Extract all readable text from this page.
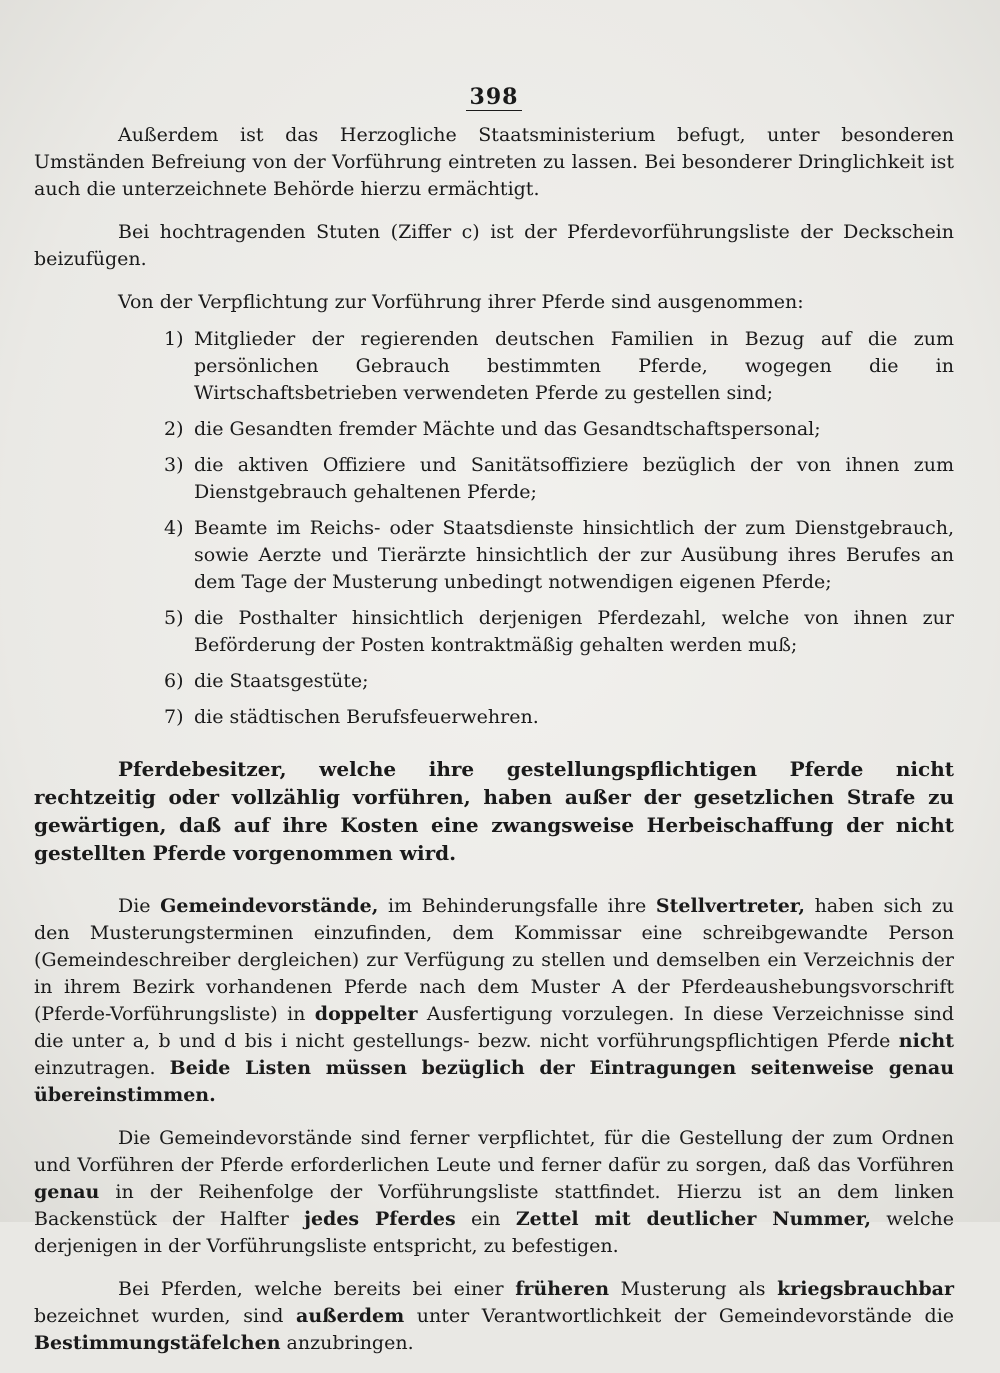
398

Außerdem ist das Herzogliche Staatsministerium befugt, unter besonderen Umständen Befreiung von der Vorführung eintreten zu lassen. Bei besonderer Dringlichkeit ist auch die unterzeichnete Behörde hierzu ermächtigt.

Bei hochtragenden Stuten (Ziffer c) ist der Pferdevorführungsliste der Deckschein beizufügen.

Von der Verpflichtung zur Vorführung ihrer Pferde sind ausgenommen:

1) Mitglieder der regierenden deutschen Familien in Bezug auf die zum persönlichen Gebrauch bestimmten Pferde, wogegen die in Wirtschaftsbetrieben verwendeten Pferde zu gestellen sind;
2) die Gesandten fremder Mächte und das Gesandtschaftspersonal;
3) die aktiven Offiziere und Sanitätsoffiziere bezüglich der von ihnen zum Dienstgebrauch gehaltenen Pferde;
4) Beamte im Reichs- oder Staatsdienste hinsichtlich der zum Dienstgebrauch, sowie Aerzte und Tierärzte hinsichtlich der zur Ausübung ihres Berufes an dem Tage der Musterung unbedingt notwendigen eigenen Pferde;
5) die Posthalter hinsichtlich derjenigen Pferdezahl, welche von ihnen zur Beförderung der Posten kontraktmäßig gehalten werden muß;
6) die Staatsgestüte;
7) die städtischen Berufsfeuerwehren.

Pferdebesitzer, welche ihre gestellungspflichtigen Pferde nicht rechtzeitig oder vollzählig vorführen, haben außer der gesetzlichen Strafe zu gewärtigen, daß auf ihre Kosten eine zwangsweise Herbeischaffung der nicht gestellten Pferde vorgenommen wird.

Die Gemeindevorstände, im Behinderungsfalle ihre Stellvertreter, haben sich zu den Musterungsterminen einzufinden, dem Kommissar eine schreibgewandte Person (Gemeindeschreiber dergleichen) zur Verfügung zu stellen und demselben ein Verzeichnis der in ihrem Bezirk vorhandenen Pferde nach dem Muster A der Pferdeaushebungsvorschrift (Pferde-Vorführungsliste) in doppelter Ausfertigung vorzulegen. In diese Verzeichnisse sind die unter a, b und d bis i nicht gestellungs- bezw. nicht vorführungspflichtigen Pferde nicht einzutragen. Beide Listen müssen bezüglich der Eintragungen seitenweise genau übereinstimmen.

Die Gemeindevorstände sind ferner verpflichtet, für die Gestellung der zum Ordnen und Vorführen der Pferde erforderlichen Leute und ferner dafür zu sorgen, daß das Vorführen genau in der Reihenfolge der Vorführungsliste stattfindet. Hierzu ist an dem linken Backenstück der Halfter jedes Pferdes ein Zettel mit deutlicher Nummer, welche derjenigen in der Vorführungsliste entspricht, zu befestigen.

Bei Pferden, welche bereits bei einer früheren Musterung als kriegsbrauchbar bezeichnet wurden, sind außerdem unter Verantwortlichkeit der Gemeindevorstände die Bestimmungstäfelchen anzubringen.
